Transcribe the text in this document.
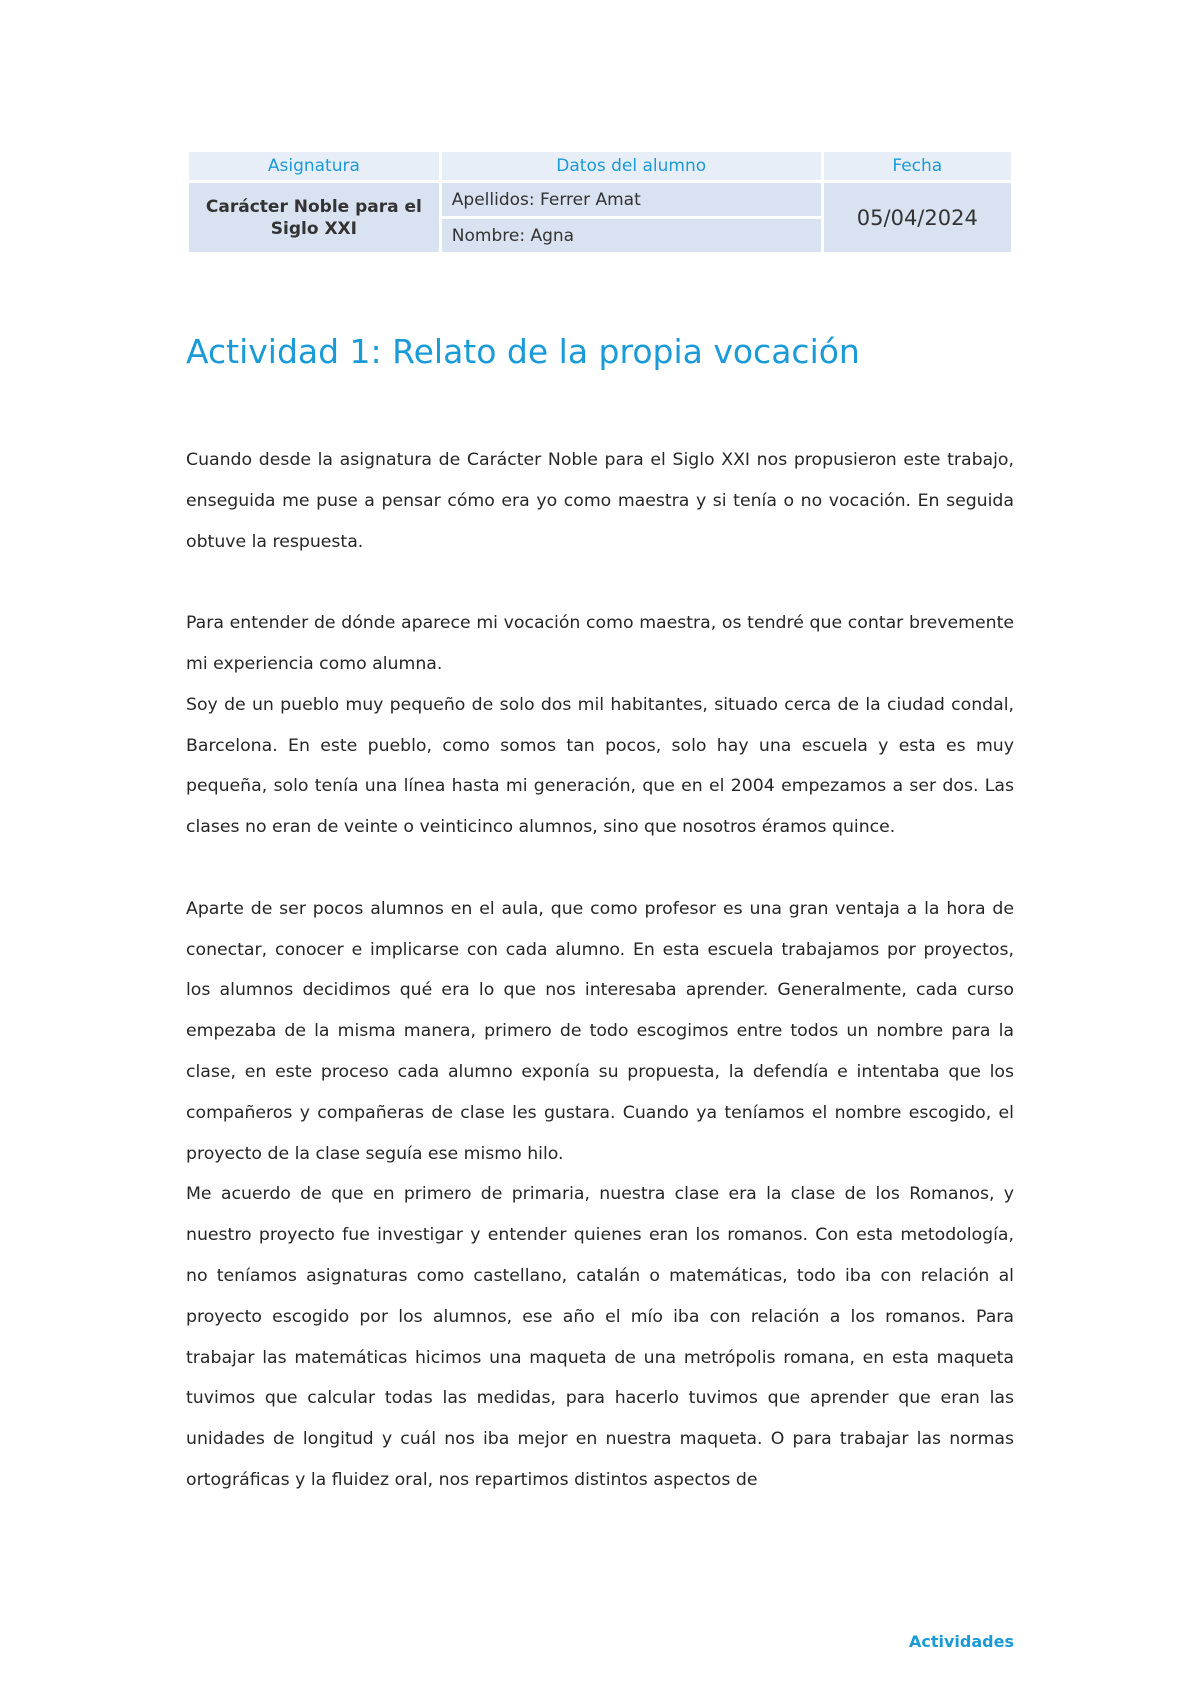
Asignatura	Datos del alumno	Fecha
Carácter Noble para el Siglo XXI	Apellidos: Ferrer Amat	05/04/2024
	Nombre: Agna	
Actividad 1: Relato de la propia vocación

Cuando desde la asignatura de Carácter Noble para el Siglo XXI nos propusieron este trabajo, enseguida me puse a pensar cómo era yo como maestra y si tenía o no vocación. En seguida obtuve la respuesta.

Para entender de dónde aparece mi vocación como maestra, os tendré que contar brevemente mi experiencia como alumna.

Soy de un pueblo muy pequeño de solo dos mil habitantes, situado cerca de la ciudad condal, Barcelona. En este pueblo, como somos tan pocos, solo hay una escuela y esta es muy pequeña, solo tenía una línea hasta mi generación, que en el 2004 empezamos a ser dos. Las clases no eran de veinte o veinticinco alumnos, sino que nosotros éramos quince.

Aparte de ser pocos alumnos en el aula, que como profesor es una gran ventaja a la hora de conectar, conocer e implicarse con cada alumno. En esta escuela trabajamos por proyectos, los alumnos decidimos qué era lo que nos interesaba aprender. Generalmente, cada curso empezaba de la misma manera, primero de todo escogimos entre todos un nombre para la clase, en este proceso cada alumno exponía su propuesta, la defendía e intentaba que los compañeros y compañeras de clase les gustara. Cuando ya teníamos el nombre escogido, el proyecto de la clase seguía ese mismo hilo.

Me acuerdo de que en primero de primaria, nuestra clase era la clase de los Romanos, y nuestro proyecto fue investigar y entender quienes eran los romanos. Con esta metodología, no teníamos asignaturas como castellano, catalán o matemáticas, todo iba con relación al proyecto escogido por los alumnos, ese año el mío iba con relación a los romanos. Para trabajar las matemáticas hicimos una maqueta de una metrópolis romana, en esta maqueta tuvimos que calcular todas las medidas, para hacerlo tuvimos que aprender que eran las unidades de longitud y cuál nos iba mejor en nuestra maqueta. O para trabajar las normas ortográficas y la fluidez oral, nos repartimos distintos aspectos de

Actividades
